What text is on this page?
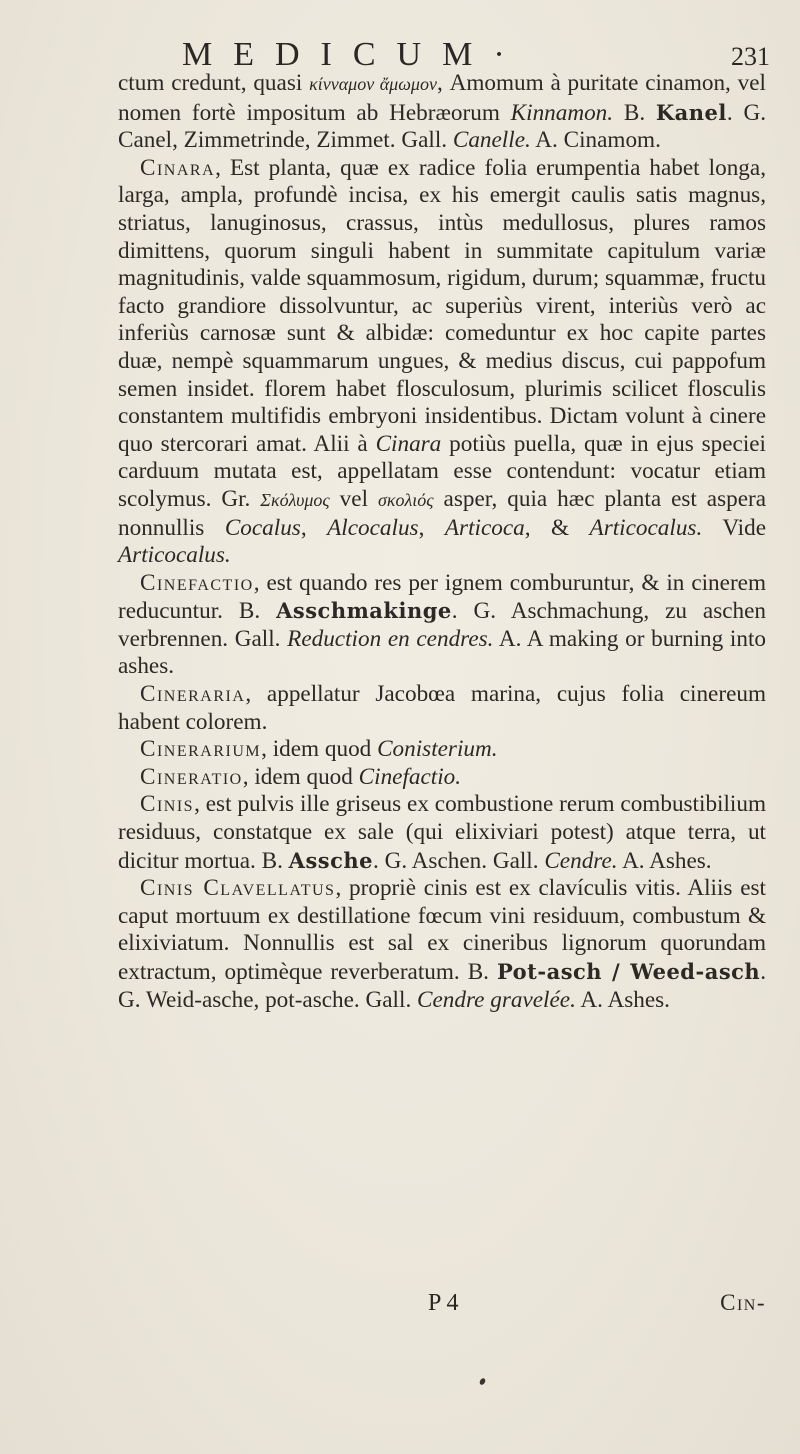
MEDICUM·	231

ctum credunt, quasi κίνναμον ἄμωμον, Amomum à puritate cinamon, vel nomen fortè impositum ab Hebræorum Kinnamon. B. Kanel. G. Canel, Zimmetrinde, Zimmet. Gall. Canelle. A. Cinamom.

Cinara, Est planta, quæ ex radice folia erumpentia habet longa, larga, ampla, profundè incisa, ex his emergit caulis satis magnus, striatus, lanuginosus, crassus, intùs medullosus, plures ramos dimittens, quorum singuli habent in summitate capitulum variæ magnitudinis, valde squammosum, rigidum, durum; squammæ, fructu facto grandiore dissolvuntur, ac superiùs virent, interiùs verò ac inferiùs carnosæ sunt & albidæ: comeduntur ex hoc capite partes duæ, nempè squammarum ungues, & medius discus, cui pappofum semen insidet. florem habet flosculosum, plurimis scilicet flosculis constantem multifidis embryoni insidentibus. Dictam volunt à cinere quo stercorari amat. Alii à Cinara potiùs puella, quæ in ejus speciei carduum mutata est, appellatam esse contendunt: vocatur etiam scolymus. Gr. Σκόλυμος vel σκολιός asper, quia hæc planta est aspera nonnullis Cocalus, Alcocalus, Articoca, & Articocalus. Vide Articocalus.

Cinefactio, est quando res per ignem comburuntur, & in cinerem reducuntur. B. Asschmakinge. G. Aschmachung, zu aschen verbrennen. Gall. Reduction en cendres. A. A making or burning into ashes.

Cineraria, appellatur Jacobœa marina, cujus folia cinereum habent colorem.

Cinerarium, idem quod Conisterium.

Cineratio, idem quod Cinefactio.

Cinis, est pulvis ille griseus ex combustione rerum combustibilium residuus, constatque ex sale (qui elixiviari potest) atque terra, ut dicitur mortua. B. Assche. G. Aschen. Gall. Cendre. A. Ashes.

Cinis Clavellatus, propriè cinis est ex clavículis vitis. Aliis est caput mortuum ex destillatione fœcum vini residuum, combustum & elixiviatum. Nonnullis est sal ex cineribus lignorum quorundam extractum, optimèque reverberatum. B. Pot-asch / Weed-asch. G. Weid-asche, pot-asche. Gall. Cendre gravelée. A. Ashes.

P 4	Cin-
